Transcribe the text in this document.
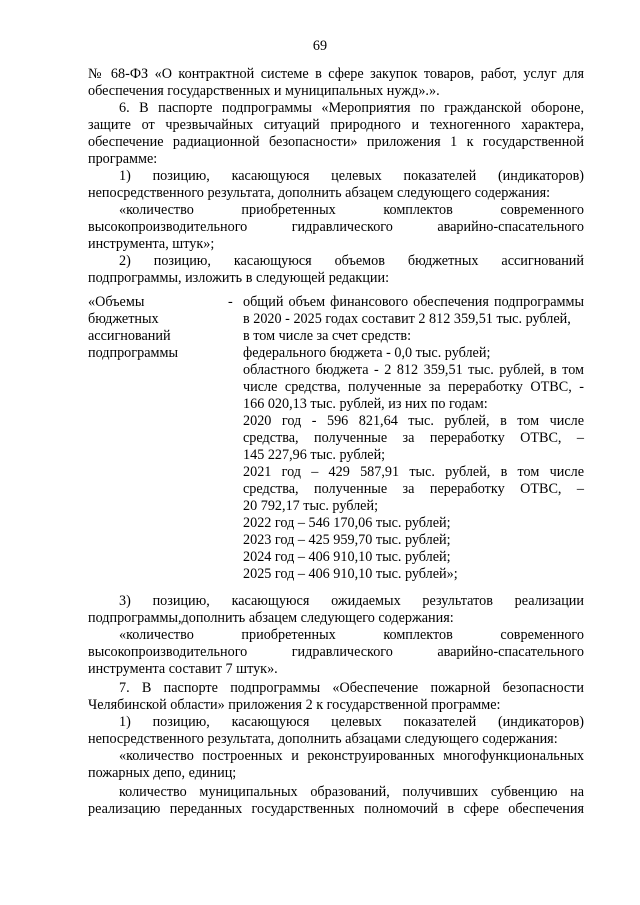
69
№ 68-ФЗ «О контрактной системе в сфере закупок товаров, работ, услуг для
обеспечения государственных и муниципальных нужд».».
6. В паспорте подпрограммы «Мероприятия по гражданской обороне,
защите от чрезвычайных ситуаций природного и техногенного характера,
обеспечение радиационной безопасности» приложения 1 к государственной
программе:
1) позицию, касающуюся целевых показателей (индикаторов)
непосредственного результата, дополнить абзацем следующего содержания:
«количество приобретенных комплектов современного
высокопроизводительного гидравлического аварийно-спасательного
инструмента, штук»;
2) позицию, касающуюся объемов бюджетных ассигнований
подпрограммы, изложить в следующей редакции:
«Объемы
бюджетных
ассигнований
подпрограммы
- общий объем финансового обеспечения подпрограммы
в 2020 - 2025 годах составит 2 812 359,51 тыс. рублей,
в том числе за счет средств:
федерального бюджета - 0,0 тыс. рублей;
областного бюджета - 2 812 359,51 тыс. рублей, в том
числе средства, полученные за переработку ОТВС, -
166 020,13 тыс. рублей, из них по годам:
2020 год - 596 821,64 тыс. рублей, в том числе
средства, полученные за переработку ОТВС, –
145 227,96 тыс. рублей;
2021 год – 429 587,91 тыс. рублей, в том числе
средства, полученные за переработку ОТВС, –
20 792,17 тыс. рублей;
2022 год – 546 170,06 тыс. рублей;
2023 год – 425 959,70 тыс. рублей;
2024 год – 406 910,10 тыс. рублей;
2025 год – 406 910,10 тыс. рублей»;
3) позицию, касающуюся ожидаемых результатов реализации
подпрограммы,дополнить абзацем следующего содержания:
«количество приобретенных комплектов современного
высокопроизводительного гидравлического аварийно-спасательного
инструмента составит 7 штук».
7. В паспорте подпрограммы «Обеспечение пожарной безопасности
Челябинской области» приложения 2 к государственной программе:
1) позицию, касающуюся целевых показателей (индикаторов)
непосредственного результата, дополнить абзацами следующего содержания:
«количество построенных и реконструированных многофункциональных
пожарных депо, единиц;
количество муниципальных образований, получивших субвенцию на
реализацию переданных государственных полномочий в сфере обеспечения
